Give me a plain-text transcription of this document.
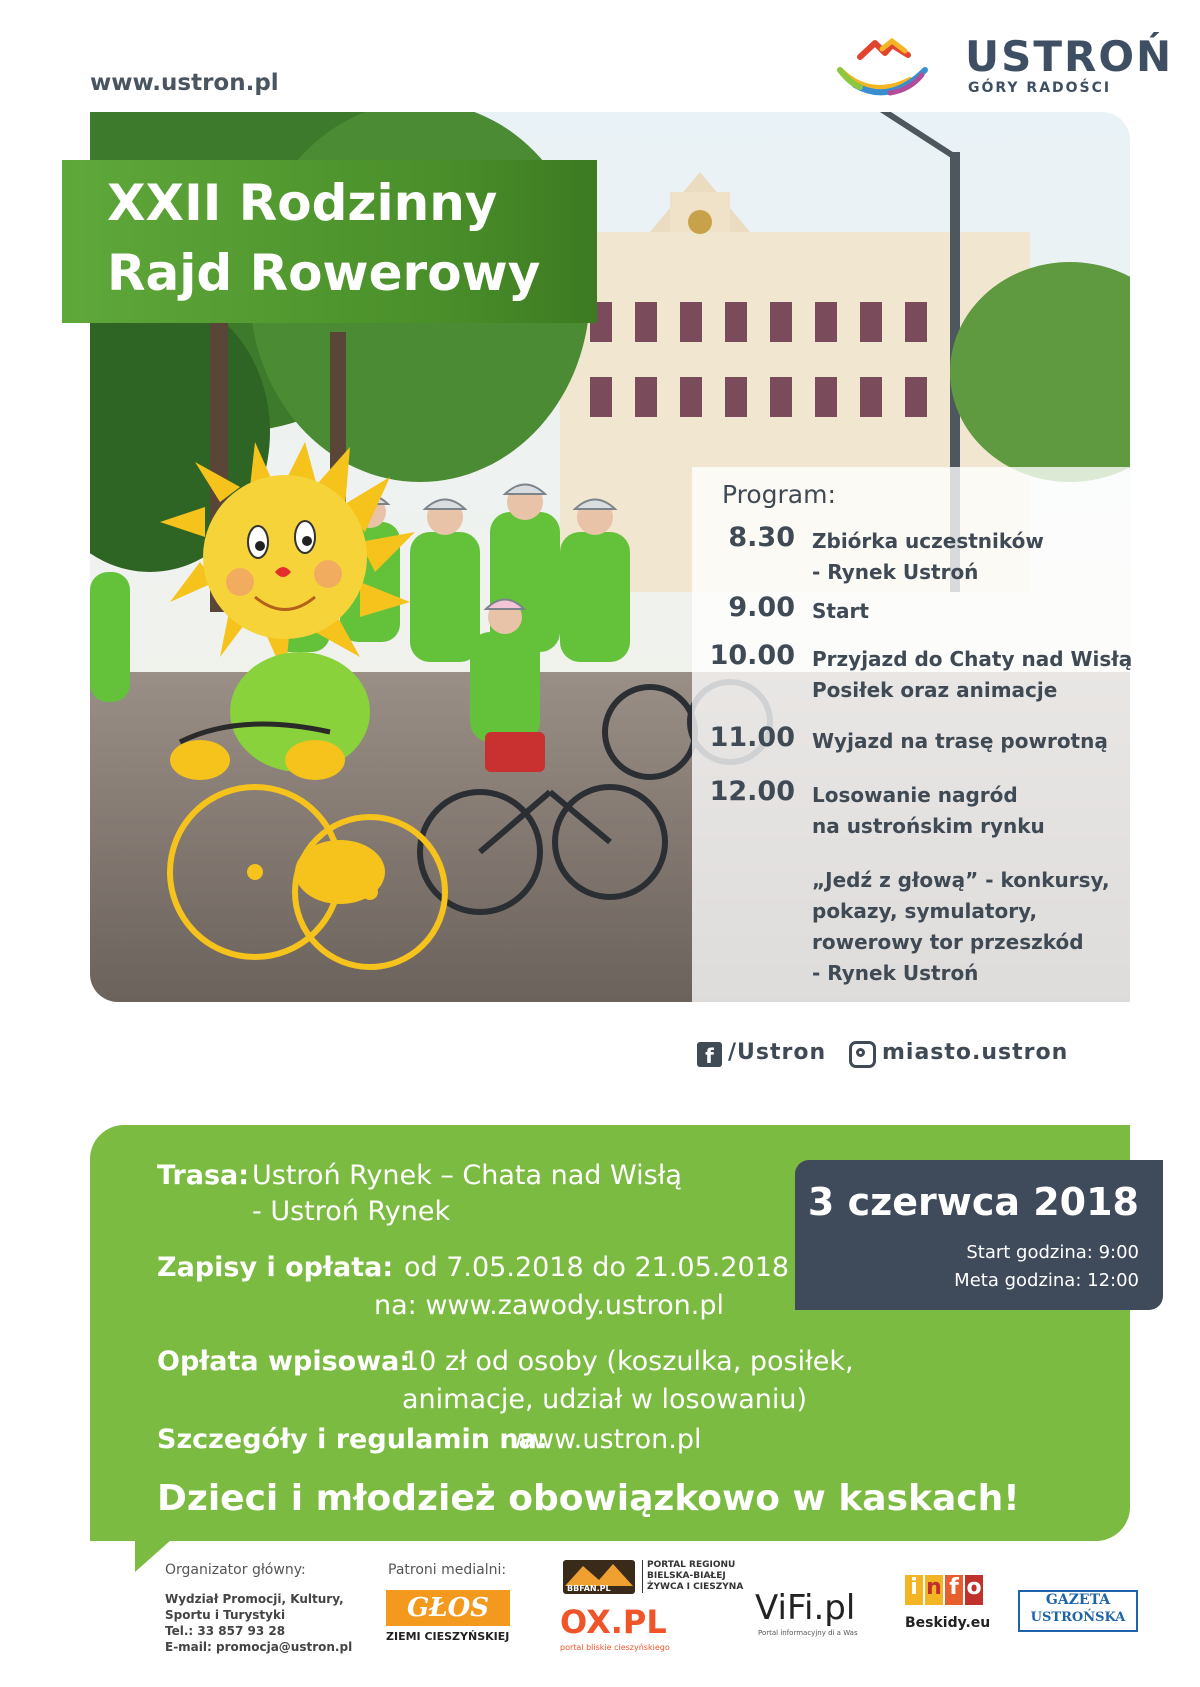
www.ustron.pl
USTROŃ
GÓRY RADOŚCI
XXII Rodzinny
Rajd Rowerowy
Program:
8.30 Zbiórka uczestników
- Rynek Ustroń
9.00 Start
10.00 Przyjazd do Chaty nad Wisłą
Posiłek oraz animacje
11.00 Wyjazd na trasę powrotną
12.00 Losowanie nagród
na ustrońskim rynku
„Jedź z głową” - konkursy,
pokazy, symulatory,
rowerowy tor przeszkód
- Rynek Ustroń
f /Ustron	miasto.ustron
Trasa: Ustroń Rynek – Chata nad Wisłą
- Ustroń Rynek
Zapisy i opłata: od 7.05.2018 do 21.05.2018
na: www.zawody.ustron.pl
Opłata wpisowa:
10 zł od osoby (koszulka, posiłek,
animacje, udział w losowaniu)
Szczegóły i regulamin na:
www.ustron.pl
Dzieci i młodzież obowiązkowo w kaskach!
3 czerwca 2018
Start godzina: 9:00
Meta godzina: 12:00
Organizator główny:
Wydział Promocji, Kultury,
Sportu i Turystyki
Tel.: 33 857 93 28
E-mail: promocja@ustron.pl
Patroni medialni:
GŁOS
ZIEMI CIESZYŃSKIEJ
BBFAN.PL
PORTAL REGIONU
BIELSKA-BIAŁEJ
ŻYWCA I CIESZYNA
OX.PL
portal bliskie cieszyńskiego
ViFi.pl
Portal informacyjny di a Was
i n f o
Beskidy.eu
GAZETA
USTROŃSKA
